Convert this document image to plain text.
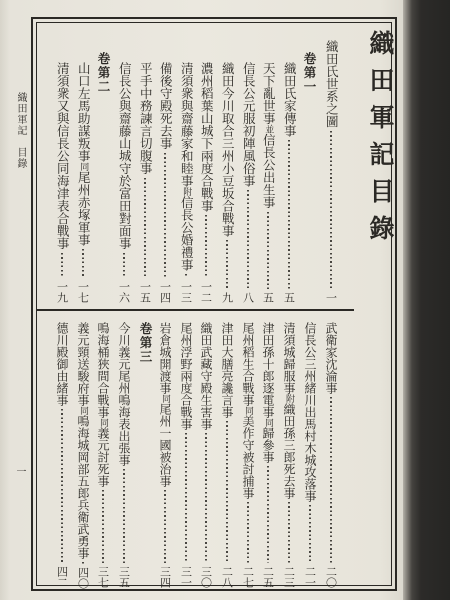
織田軍記目錄
織田軍記　目錄
一
織田氏世系之圖
一
卷第一
織田氏家傳事
五
天下亂世事並信長公出生事
五
信長公元服初陣風俗事
八
織田今川取合三州小豆坂合戰事
九
濃州稻葉山城下兩度合戰事
一二
清須衆與齋藤家和睦事附信長公婚禮事
一三
備後守殿死去事
一四
平手中務諫言切腹事
一五
信長公與齋藤山城守於富田對面事
一六
卷第二
山口左馬助謀叛事同尾州赤塚軍事
一七
清須衆又與信長公同海津表合戰事
一九
武衛家沈淪事
二〇
信長公三州緒川出馬村木城攻落事
二一
清須城歸服事附織田孫三郎死去事
二三
津田孫十郎逐電事同歸參事
二五
尾州稻生合戰事同美作守被討捕事
二七
津田大膳亮讒言事
二八
織田武藏守殿生害事
三〇
尾州浮野兩度合戰事
三一
岩倉城開渡事同尾州一國被治事
三四
卷第三
今川義元尾州鳴海表出張事
三五
鳴海桶狹間合戰事同義元討死事
三七
義元頸送駿府事同鳴海城岡部五郎兵衛武勇事
四〇
德川殿御由緒事
四二
